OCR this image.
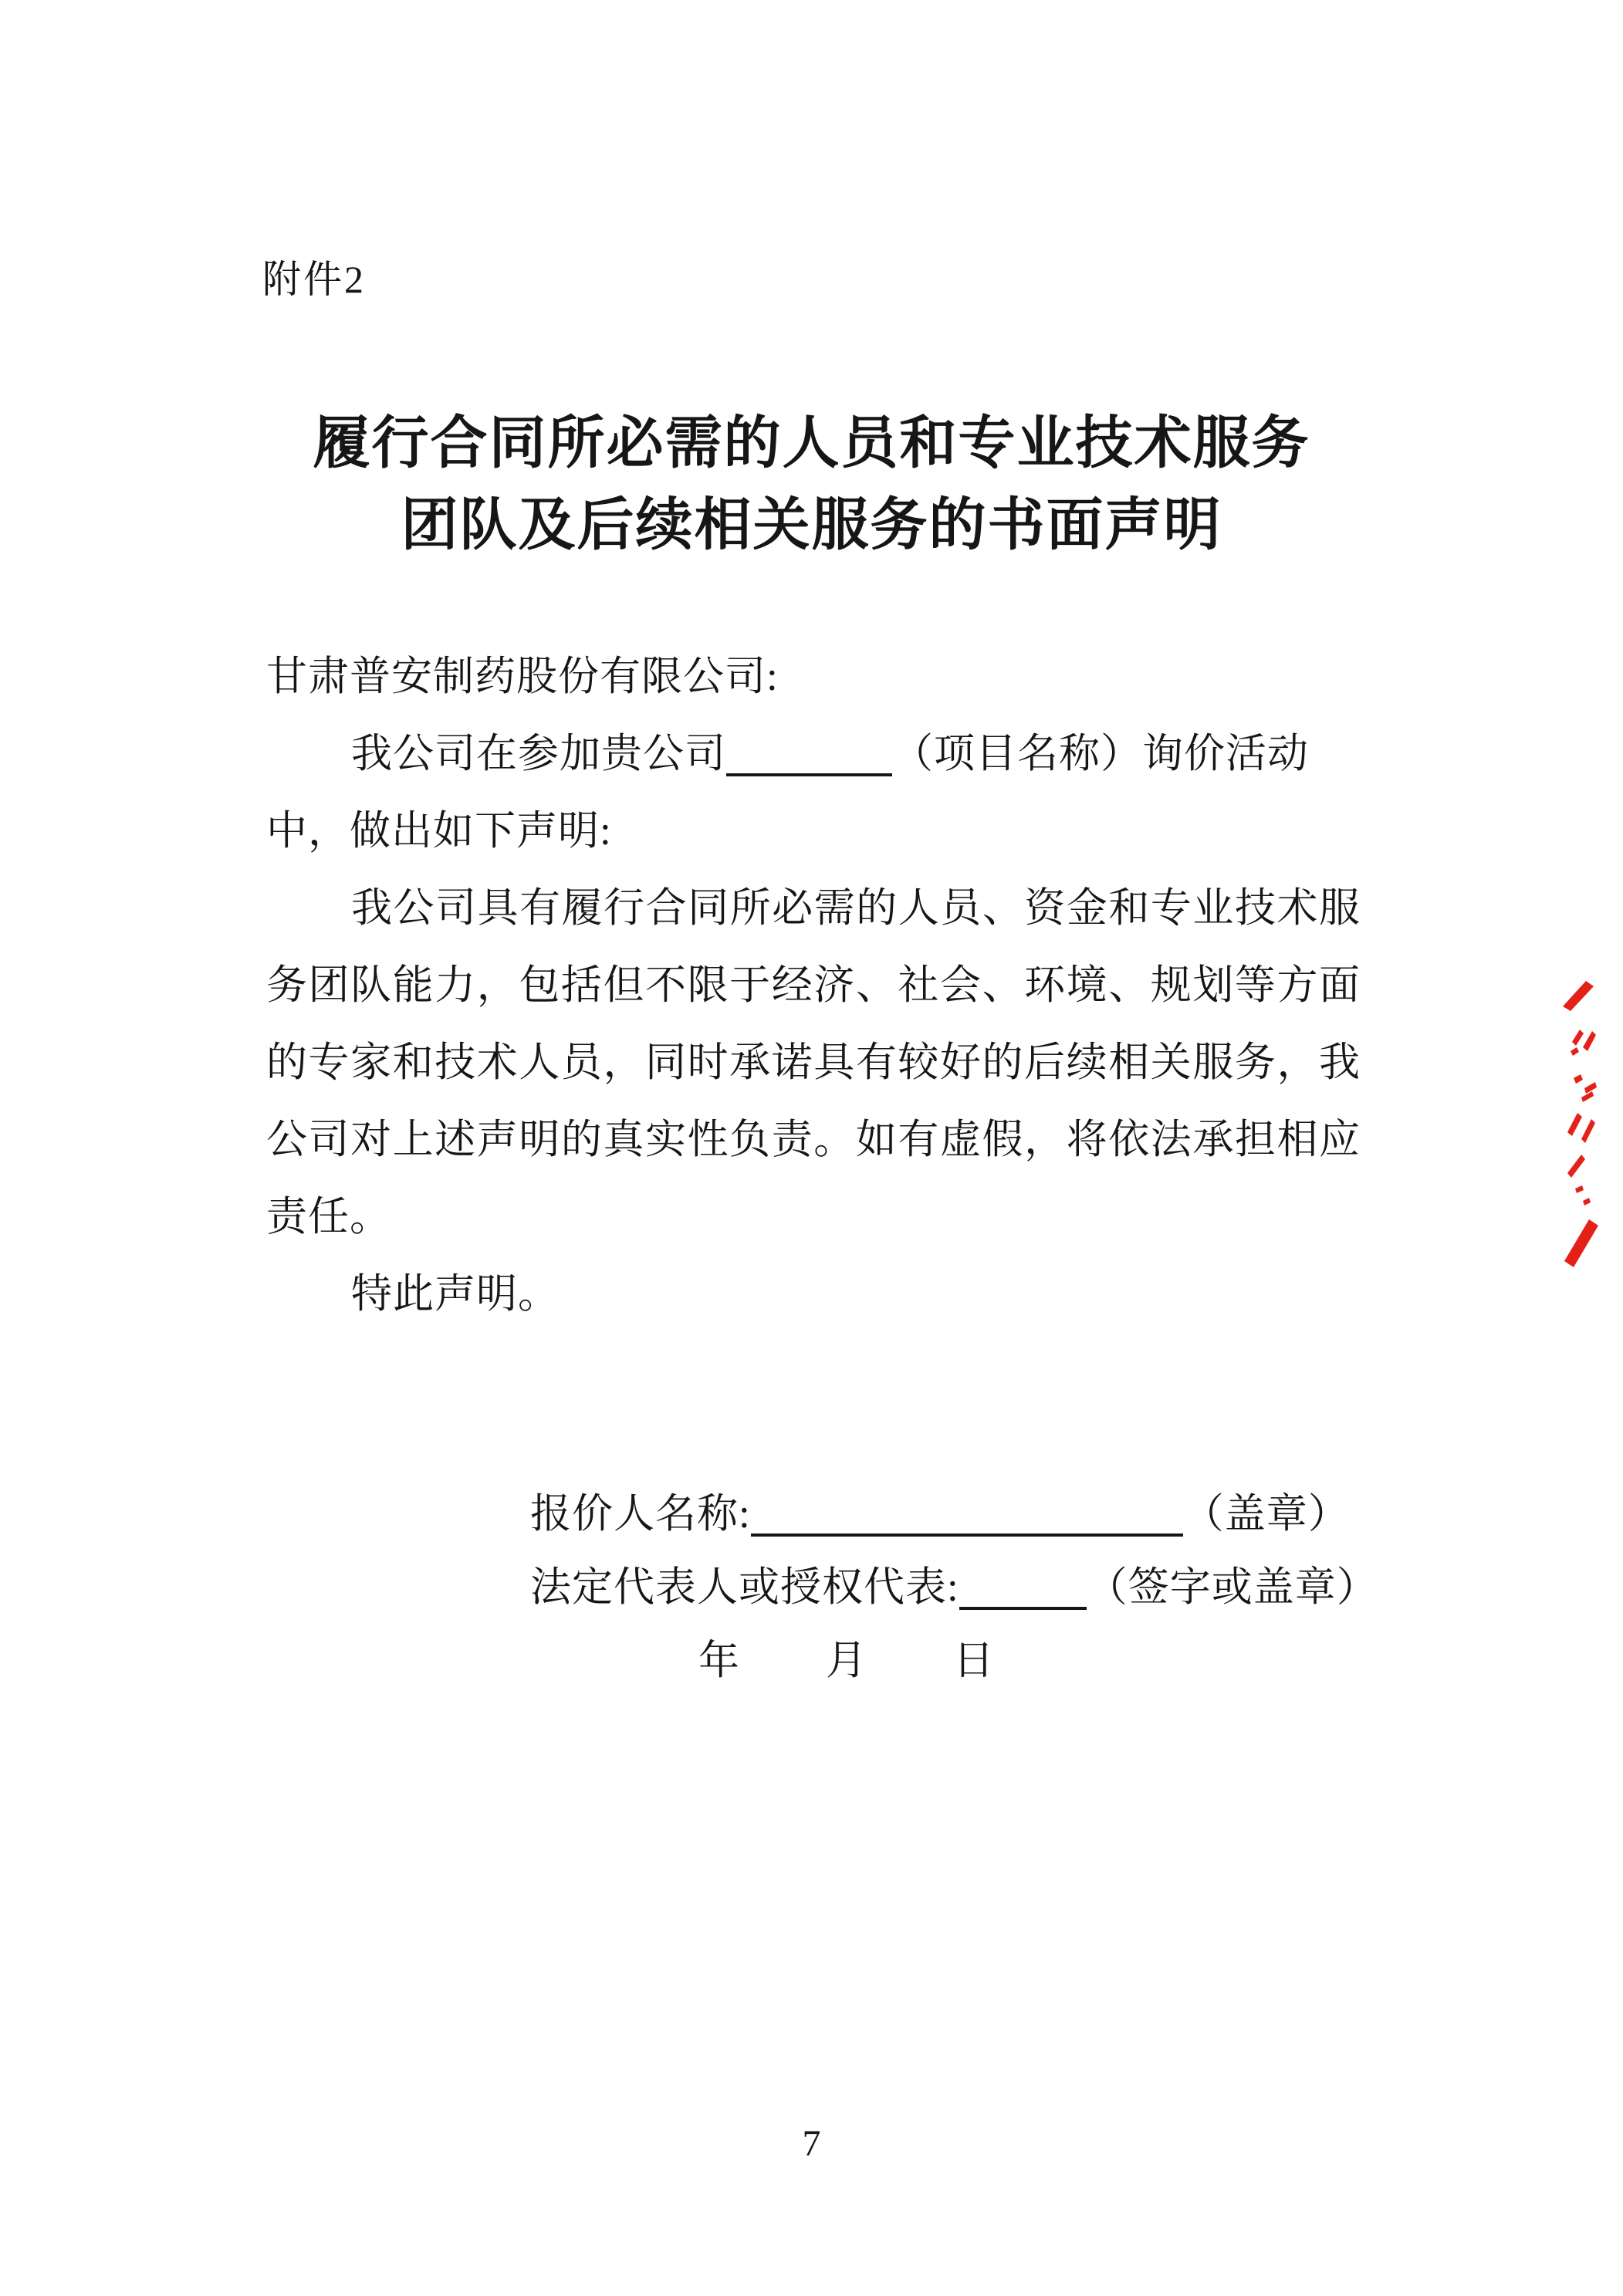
附件2
履行合同所必需的人员和专业技术服务
团队及后续相关服务的书面声明
甘肃普安制药股份有限公司:
我公司在参加贵公司	（项目名称）询价活动
中，做出如下声明:
我公司具有履行合同所必需的人员、资金和专业技术服
务团队能力，包括但不限于经济、社会、环境、规划等方面
的专家和技术人员，同时承诺具有较好的后续相关服务，我
公司对上述声明的真实性负责。如有虚假，将依法承担相应
责任。
特此声明。
报价人名称:	（盖章）
法定代表人或授权代表:	（签字或盖章）
年　　月　　日
7
